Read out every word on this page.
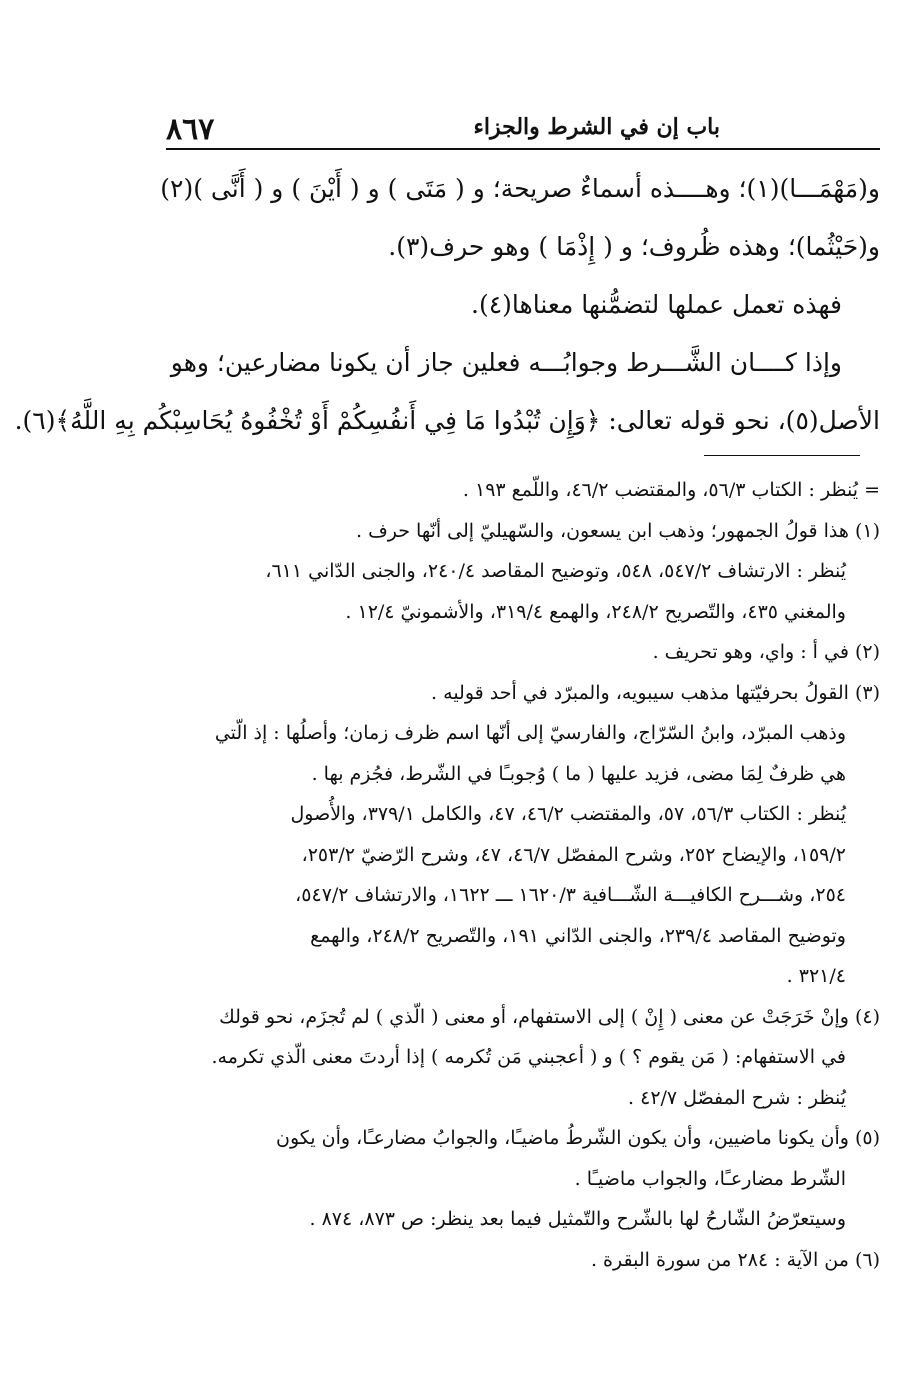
٨٦٧	باب إن في الشرط والجزاء

و(مَهْمَـــا)(١)؛ وهــــذه أسماءٌ صريحة؛ و ( مَتَى ) و ( أَيْنَ ) و ( أَنَّى )(٢)

و(حَيْثُما)؛ وهذه ظُروف؛ و ( إِذْمَا ) وهو حرف(٣).

فهذه تعمل عملها لتضمُّنها معناها(٤).

وإذا كــــان الشَّـــرط وجوابُـــه فعلين جاز أن يكونا مضارعين؛ وهو

الأصل(٥)، نحو قوله تعالى: ﴿وَإِن تُبْدُوا مَا فِي أَنفُسِكُمْ أَوْ تُخْفُوهُ يُحَاسِبْكُم بِهِ اللَّهُ﴾(٦).

= يُنظر : الكتاب ٥٦/٣، والمقتضب ٤٦/٢، واللّمع ١٩٣ .

(١) هذا قولُ الجمهور؛ وذهب ابن يسعون، والسّهيليّ إلى أنّها حرف .

يُنظر : الارتشاف ٥٤٧/٢، ٥٤٨، وتوضيح المقاصد ٢٤٠/٤، والجنى الدّاني ٦١١،

والمغني ٤٣٥، والتّصريح ٢٤٨/٢، والهمع ٣١٩/٤، والأشمونيّ ١٢/٤ .

(٢) في أ : واي، وهو تحريف .

(٣) القولُ بحرفيّتها مذهب سيبويه، والمبرّد في أحد قوليه .

وذهب المبرّد، وابنُ السّرّاج، والفارسيّ إلى أنّها اسم ظرف زمان؛ وأصلُها : إذ الّتي

هي ظرفٌ لِمَا مضى، فزيد عليها ( ما ) وُجوبـًا في الشّرط، فجُزم بها .

يُنظر : الكتاب ٥٦/٣، ٥٧، والمقتضب ٤٦/٢، ٤٧، والكامل ٣٧٩/١، والأُصول

١٥٩/٢، والإيضاح ٢٥٢، وشرح المفصّل ٤٦/٧، ٤٧، وشرح الرّضيّ ٢٥٣/٢،

٢٥٤، وشـــرح الكافيـــة الشّـــافية ١٦٢٠/٣ ـــ ١٦٢٢، والارتشاف ٥٤٧/٢،

وتوضيح المقاصد ٢٣٩/٤، والجنى الدّاني ١٩١، والتّصريح ٢٤٨/٢، والهمع

٣٢١/٤ .

(٤) وإنْ خَرَجَتْ عن معنى ( إِنْ ) إلى الاستفهام، أو معنى ( الّذي ) لم تُجزَم، نحو قولك

في الاستفهام: ( مَن يقوم ؟ ) و ( أعجبني مَن تُكرمه ) إذا أردتَ معنى الّذي تكرمه.

يُنظر : شرح المفصّل ٤٢/٧ .

(٥) وأن يكونا ماضيين، وأن يكون الشّرطُ ماضيـًا، والجوابُ مضارعـًا، وأن يكون

الشّرط مضارعـًا، والجواب ماضيـًا .

وسيتعرّضُ الشّارحُ لها بالشّرح والتّمثيل فيما بعد ينظر: ص ٨٧٣، ٨٧٤ .

(٦) من الآية : ٢٨٤ من سورة البقرة .
